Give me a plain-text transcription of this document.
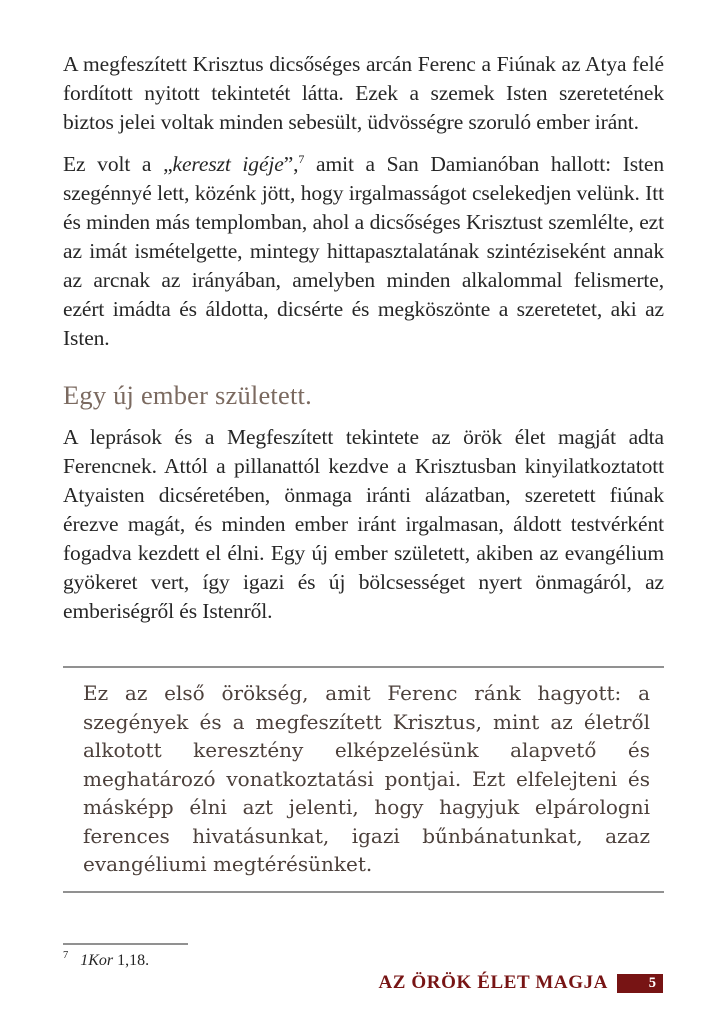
A megfeszített Krisztus dicsőséges arcán Ferenc a Fiúnak az Atya felé fordított nyitott tekintetét látta. Ezek a szemek Isten szeretetének biztos jelei voltak minden sebesült, üdvösségre szoruló ember iránt.

Ez volt a „kereszt igéje”,$^7$ amit a San Damianóban hallott: Isten szegénnyé lett, közénk jött, hogy irgalmasságot cselekedjen velünk. Itt és minden más templomban, ahol a dicsőséges Krisztust szemlélte, ezt az imát ismételgette, mintegy hittapasztalatának szintéziseként annak az arcnak az irányában, amelyben minden alkalommal felismerte, ezért imádta és áldotta, dicsérte és megköszönte a szeretetet, aki az Isten.

Egy új ember született.

A leprások és a Megfeszített tekintete az örök élet magját adta Ferencnek. Attól a pillanattól kezdve a Krisztusban kinyilatkoztatott Atyaisten dicséretében, önmaga iránti alázatban, szeretett fiúnak érezve magát, és minden ember iránt irgalmasan, áldott testvérként fogadva kezdett el élni. Egy új ember született, akiben az evangélium gyökeret vert, így igazi és új bölcsességet nyert önmagáról, az emberiségről és Istenről.

Ez az első örökség, amit Ferenc ránk hagyott: a szegények és a megfeszített Krisztus, mint az életről alkotott keresztény elképzelésünk alapvető és meghatározó vonatkoztatási pontjai. Ezt elfelejteni és másképp élni azt jelenti, hogy hagyjuk elpárologni ferences hivatásunkat, igazi bűnbánatunkat, azaz evangéliumi megtérésünket.

$^7$ 1Kor 1,18.

AZ ÖRÖK ÉLET MAGJA	5
